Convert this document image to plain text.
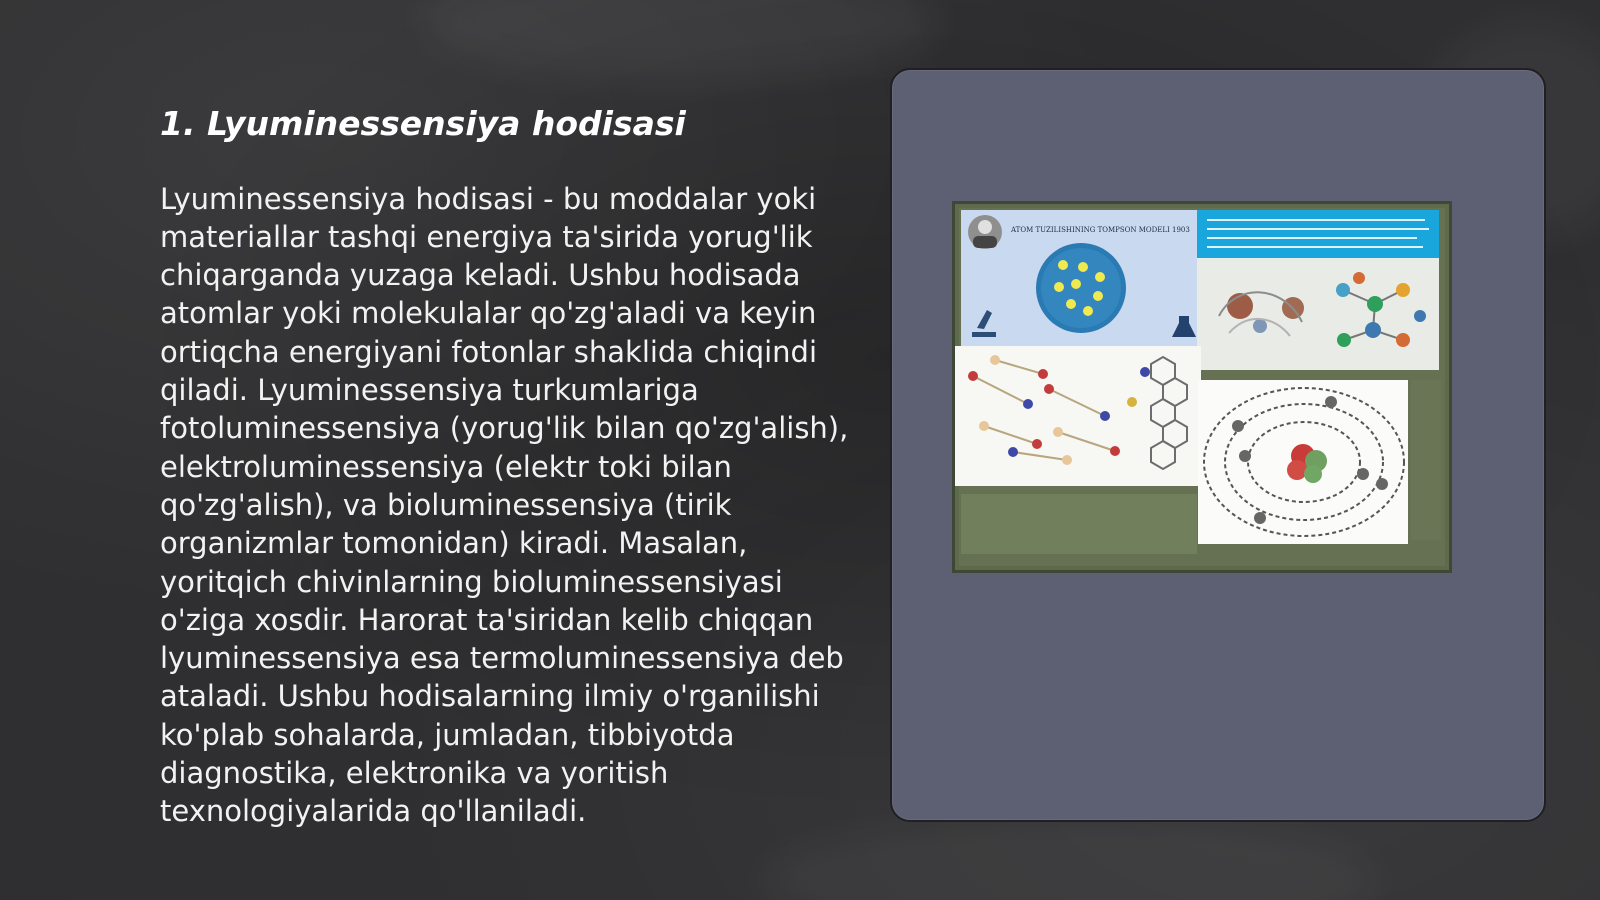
1. Lyuminessensiya hodisasi

Lyuminessensiya hodisasi - bu moddalar yoki materiallar tashqi energiya ta'sirida yorug'lik chiqarganda yuzaga keladi. Ushbu hodisada atomlar yoki molekulalar qo'zg'aladi va keyin ortiqcha energiyani fotonlar shaklida chiqindi qiladi. Lyuminessensiya turkumlariga fotoluminessensiya (yorug'lik bilan qo'zg'alish), elektroluminessensiya (elektr toki bilan qo'zg'alish), va bioluminessensiya (tirik organizmlar tomonidan) kiradi. Masalan, yoritqich chivinlarning bioluminessensiyasi o'ziga xosdir. Harorat ta'siridan kelib chiqqan lyuminessensiya esa termoluminessensiya deb ataladi. Ushbu hodisalarning ilmiy o'rganilishi ko'plab sohalarda, jumladan, tibbiyotda diagnostika, elektronika va yoritish texnologiyalarida qo'llaniladi.

ATOM TUZILISHINING TOMPSON MODELI 1903
